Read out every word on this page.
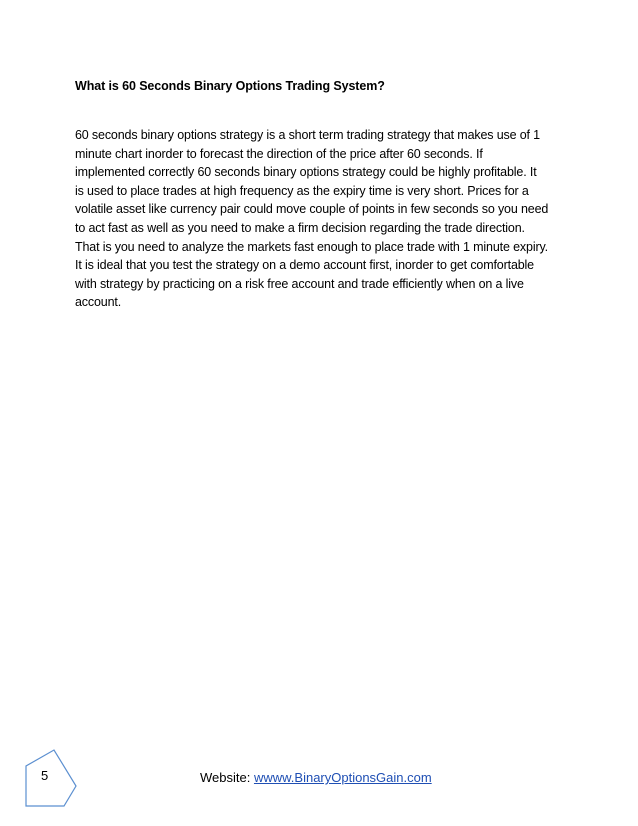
What is 60 Seconds Binary Options Trading System?
60 seconds binary options strategy is a short term trading strategy that makes use of 1
minute chart inorder to forecast the direction of the price after 60 seconds. If
implemented correctly 60 seconds binary options strategy could be highly profitable. It
is used to place trades at high frequency as the expiry time is very short. Prices for a
volatile asset like currency pair could move couple of points in few seconds so you need
to act fast as well as you need to make a firm decision regarding the trade direction.
That is you need to analyze the markets fast enough to place trade with 1 minute expiry.
It is ideal that you test the strategy on a demo account first, inorder to get comfortable
with strategy by practicing on a risk free account and trade efficiently when on a live
account.
5	Website: wwww.BinaryOptionsGain.com
